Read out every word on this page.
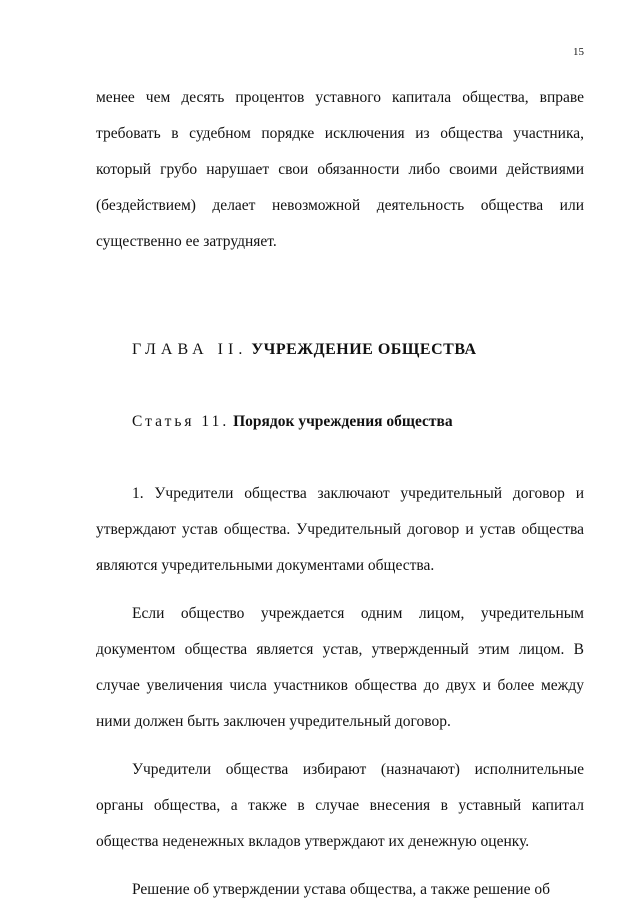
15

менее чем десять процентов уставного капитала общества, вправе требовать в судебном порядке исключения из общества участника, который грубо нарушает свои обязанности либо своими действиями (бездействием) делает невозможной деятельность общества или существенно ее затрудняет.

ГЛАВА II. УЧРЕЖДЕНИЕ ОБЩЕСТВА

Статья 11. Порядок учреждения общества

1. Учредители общества заключают учредительный договор и утверждают устав общества. Учредительный договор и устав общества являются учредительными документами общества.

Если общество учреждается одним лицом, учредительным документом общества является устав, утвержденный этим лицом. В случае увеличения числа участников общества до двух и более между ними должен быть заключен учредительный договор.

Учредители общества избирают (назначают) исполнительные органы общества, а также в случае внесения в уставный капитал общества неденежных вкладов утверждают их денежную оценку.

Решение об утверждении устава общества, а также решение об
